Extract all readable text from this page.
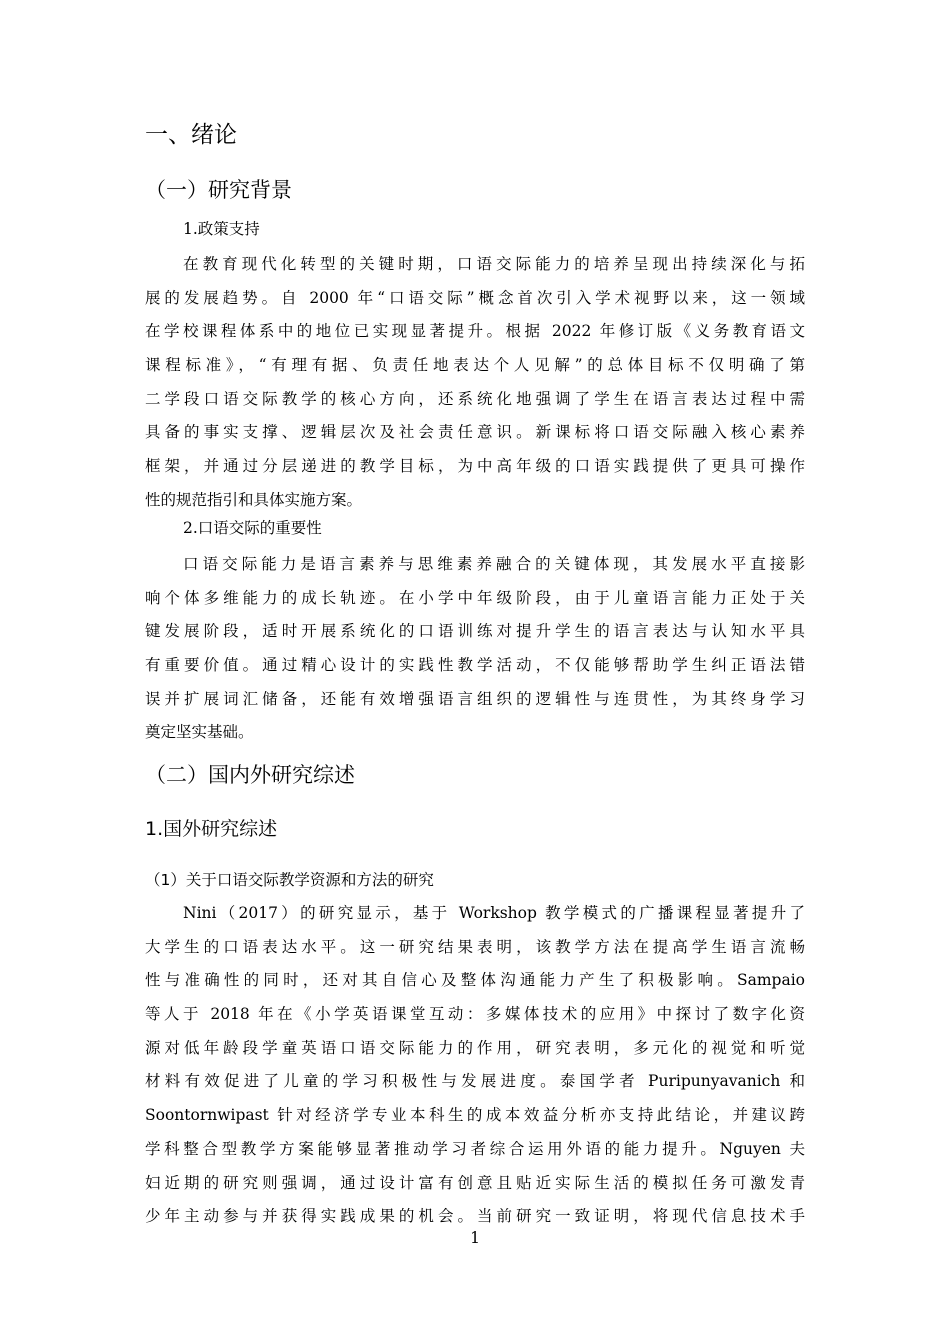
一、绪论
（一）研究背景
1.政策支持
在教育现代化转型的关键时期，口语交际能力的培养呈现出持续深化与拓
展的发展趋势。自 2000 年“口语交际”概念首次引入学术视野以来，这一领域
在学校课程体系中的地位已实现显著提升。根据 2022 年修订版《义务教育语文
课程标准》，“有理有据、负责任地表达个人见解”的总体目标不仅明确了第
二学段口语交际教学的核心方向，还系统化地强调了学生在语言表达过程中需
具备的事实支撑、逻辑层次及社会责任意识。新课标将口语交际融入核心素养
框架，并通过分层递进的教学目标，为中高年级的口语实践提供了更具可操作
性的规范指引和具体实施方案。
2.口语交际的重要性
口语交际能力是语言素养与思维素养融合的关键体现，其发展水平直接影
响个体多维能力的成长轨迹。在小学中年级阶段，由于儿童语言能力正处于关
键发展阶段，适时开展系统化的口语训练对提升学生的语言表达与认知水平具
有重要价值。通过精心设计的实践性教学活动，不仅能够帮助学生纠正语法错
误并扩展词汇储备，还能有效增强语言组织的逻辑性与连贯性，为其终身学习
奠定坚实基础。
（二）国内外研究综述
1.国外研究综述
（1）关于口语交际教学资源和方法的研究
Nini（2017）的研究显示，基于 Workshop 教学模式的广播课程显著提升了
大学生的口语表达水平。这一研究结果表明，该教学方法在提高学生语言流畅
性与准确性的同时，还对其自信心及整体沟通能力产生了积极影响。Sampaio
等人于 2018 年在《小学英语课堂互动：多媒体技术的应用》中探讨了数字化资
源对低年龄段学童英语口语交际能力的作用，研究表明，多元化的视觉和听觉
材料有效促进了儿童的学习积极性与发展进度。泰国学者 Puripunyavanich 和
Soontornwipast 针对经济学专业本科生的成本效益分析亦支持此结论，并建议跨
学科整合型教学方案能够显著推动学习者综合运用外语的能力提升。Nguyen 夫
妇近期的研究则强调，通过设计富有创意且贴近实际生活的模拟任务可激发青
少年主动参与并获得实践成果的机会。当前研究一致证明，将现代信息技术手
1
